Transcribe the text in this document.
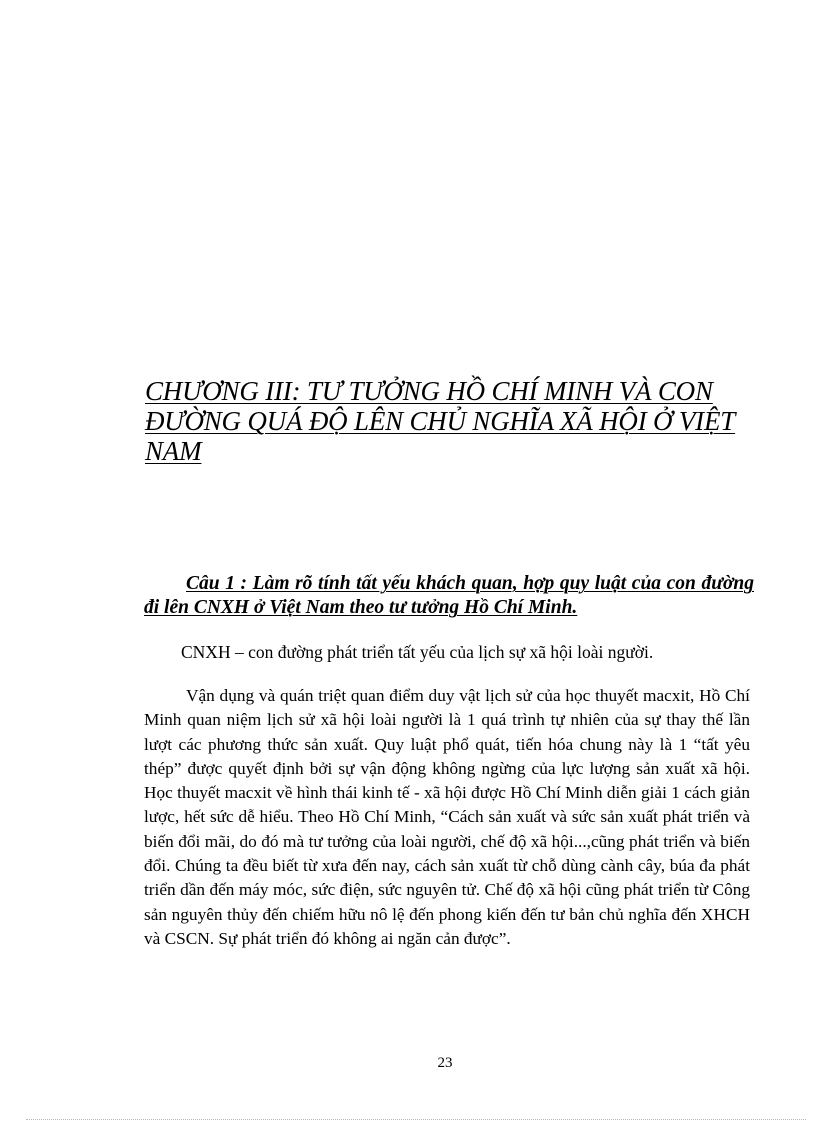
CHƯƠNG III: TƯ TƯỞNG HỒ CHÍ MINH VÀ CON ĐƯỜNG QUÁ ĐỘ LÊN CHỦ NGHĨA XÃ HỘI Ở VIỆT NAM

Câu 1 : Làm rõ tính tất yếu khách quan, hợp quy luật của con đường đi lên CNXH ở Việt Nam theo tư tưởng Hồ Chí Minh.

CNXH – con đường phát triển tất yếu của lịch sự xã hội loài người.

Vận dụng và quán triệt quan điểm duy vật lịch sử của học thuyết macxit, Hồ Chí Minh quan niệm lịch sử xã hội loài người là 1 quá trình tự nhiên của sự thay thế lần lượt các phương thức sản xuất. Quy luật phổ quát, tiến hóa chung này là 1 “tất yêu thép” được quyết định bởi sự vận động không ngừng của lực lượng sản xuất xã hội. Học thuyết macxit về hình thái kinh tế - xã hội được Hồ Chí Minh diễn giải 1 cách giản lược, hết sức dễ hiểu. Theo Hồ Chí Minh, “Cách sản xuất và sức sản xuất phát triển và biến đổi mãi, do đó mà tư tưởng của loài người, chế độ xã hội...,cũng phát triển và biến đổi. Chúng ta đều biết từ xưa đến nay, cách sản xuất từ chỗ dùng cành cây, búa đa phát triển dần đến máy móc, sức điện, sức nguyên tử. Chế độ xã hội cũng phát triển từ Công sản nguyên thủy đến chiếm hữu nô lệ đến phong kiến đến tư bản chủ nghĩa đến XHCH và CSCN. Sự phát triển đó không ai ngăn cản được”.

23
